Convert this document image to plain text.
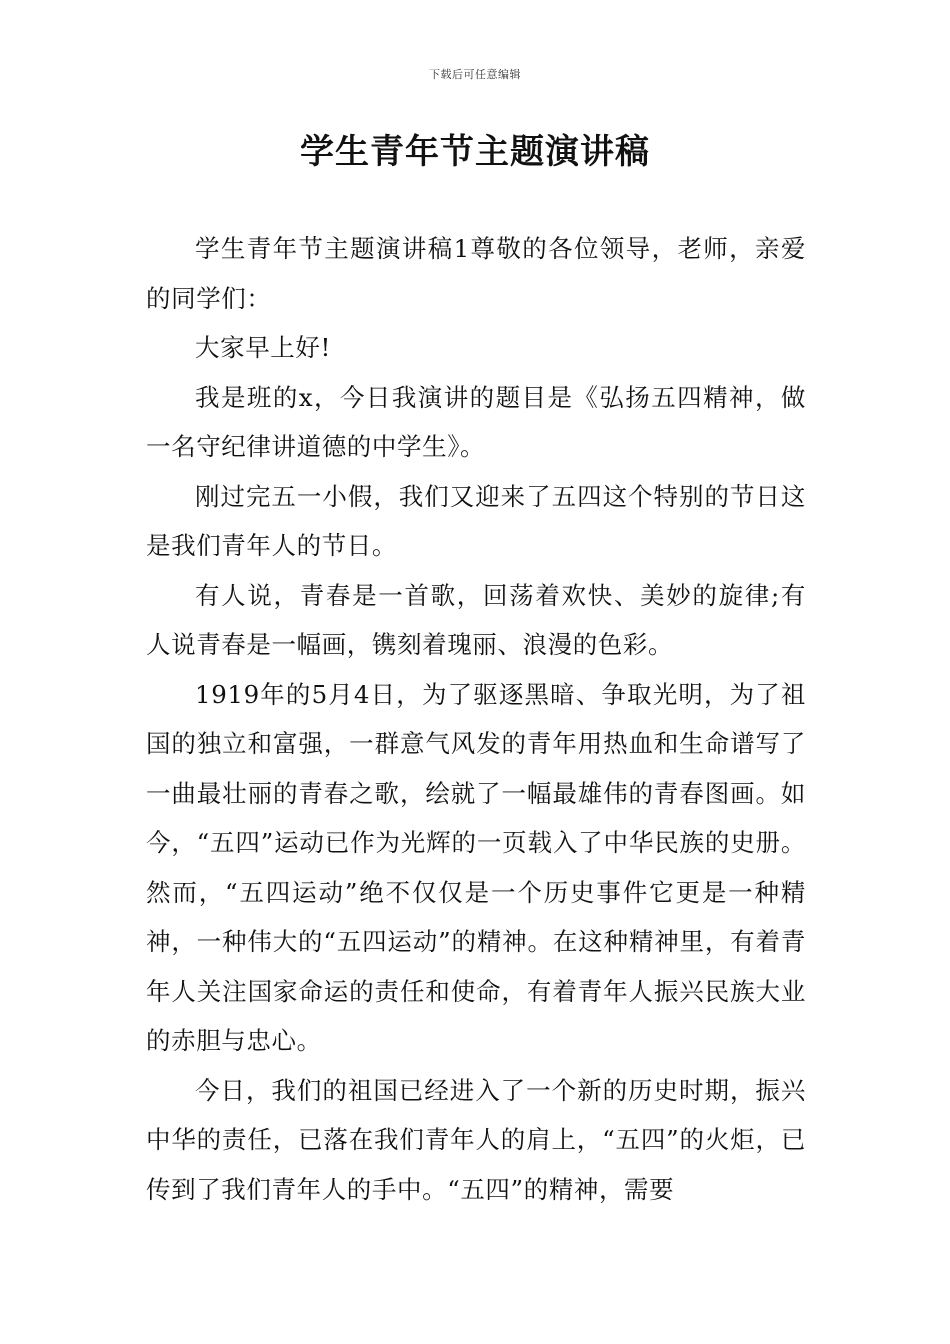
下载后可任意编辑
学生青年节主题演讲稿

学生青年节主题演讲稿1尊敬的各位领导，老师，亲爱的同学们：

大家早上好!

我是班的x，今日我演讲的题目是《弘扬五四精神，做一名守纪律讲道德的中学生》。

刚过完五一小假，我们又迎来了五四这个特别的节日这是我们青年人的节日。

有人说，青春是一首歌，回荡着欢快、美妙的旋律;有人说青春是一幅画，镌刻着瑰丽、浪漫的色彩。

1919年的5月4日，为了驱逐黑暗、争取光明，为了祖国的独立和富强，一群意气风发的青年用热血和生命谱写了一曲最壮丽的青春之歌，绘就了一幅最雄伟的青春图画。如今，“五四”运动已作为光辉的一页载入了中华民族的史册。然而，“五四运动”绝不仅仅是一个历史事件它更是一种精神，一种伟大的“五四运动”的精神。在这种精神里，有着青年人关注国家命运的责任和使命，有着青年人振兴民族大业的赤胆与忠心。

今日，我们的祖国已经进入了一个新的历史时期，振兴中华的责任，已落在我们青年人的肩上，“五四”的火炬，已传到了我们青年人的手中。“五四”的精神，需要
